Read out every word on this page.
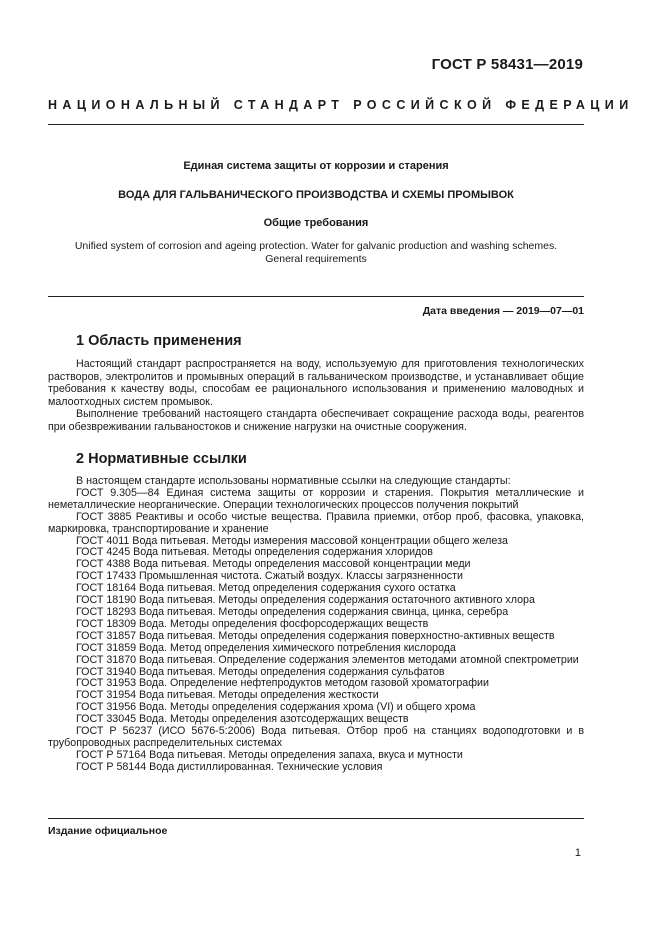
ГОСТ Р 58431—2019
НАЦИОНАЛЬНЫЙ СТАНДАРТ РОССИЙСКОЙ ФЕДЕРАЦИИ
Единая система защиты от коррозии и старения
ВОДА ДЛЯ ГАЛЬВАНИЧЕСКОГО ПРОИЗВОДСТВА И СХЕМЫ ПРОМЫВОК
Общие требования
Unified system of corrosion and ageing protection. Water for galvanic production and washing schemes.
General requirements
Дата введения — 2019—07—01
1 Область применения

Настоящий стандарт распространяется на воду, используемую для приготовления технологических растворов, электролитов и промывных операций в гальваническом производстве, и устанавливает общие требования к качеству воды, способам ее рационального использования и применению маловодных и малоотходных систем промывок.

Выполнение требований настоящего стандарта обеспечивает сокращение расхода воды, реагентов при обезвреживании гальваностоков и снижение нагрузки на очистные сооружения.

2 Нормативные ссылки

В настоящем стандарте использованы нормативные ссылки на следующие стандарты:

ГОСТ 9.305—84 Единая система защиты от коррозии и старения. Покрытия металлические и неметаллические неорганические. Операции технологических процессов получения покрытий

ГОСТ 3885 Реактивы и особо чистые вещества. Правила приемки, отбор проб, фасовка, упаковка, маркировка, транспортирование и хранение

ГОСТ 4011 Вода питьевая. Методы измерения массовой концентрации общего железа

ГОСТ 4245 Вода питьевая. Методы определения содержания хлоридов

ГОСТ 4388 Вода питьевая. Методы определения массовой концентрации меди

ГОСТ 17433 Промышленная чистота. Сжатый воздух. Классы загрязненности

ГОСТ 18164 Вода питьевая. Метод определения содержания сухого остатка

ГОСТ 18190 Вода питьевая. Методы определения содержания остаточного активного хлора

ГОСТ 18293 Вода питьевая. Методы определения содержания свинца, цинка, серебра

ГОСТ 18309 Вода. Методы определения фосфорсодержащих веществ

ГОСТ 31857 Вода питьевая. Методы определения содержания поверхностно-активных веществ

ГОСТ 31859 Вода. Метод определения химического потребления кислорода

ГОСТ 31870 Вода питьевая. Определение содержания элементов методами атомной спектрометрии

ГОСТ 31940 Вода питьевая. Методы определения содержания сульфатов

ГОСТ 31953 Вода. Определение нефтепродуктов методом газовой хроматографии

ГОСТ 31954 Вода питьевая. Методы определения жесткости

ГОСТ 31956 Вода. Методы определения содержания хрома (VI) и общего хрома

ГОСТ 33045 Вода. Методы определения азотсодержащих веществ

ГОСТ Р 56237 (ИСО 5676-5:2006) Вода питьевая. Отбор проб на станциях водоподготовки и в трубопроводных распределительных системах

ГОСТ Р 57164 Вода питьевая. Методы определения запаха, вкуса и мутности

ГОСТ Р 58144 Вода дистиллированная. Технические условия

Издание официальное
1
